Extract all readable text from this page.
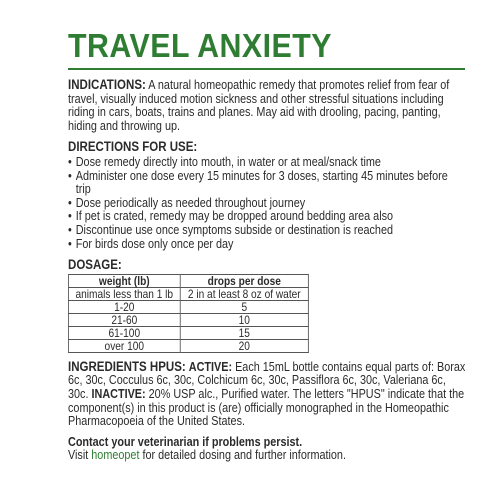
TRAVEL ANXIETY

INDICATIONS: A natural homeopathic remedy that promotes relief from fear of travel, visually induced motion sickness and other stressful situations including riding in cars, boats, trains and planes. May aid with drooling, pacing, panting, hiding and throwing up.

DIRECTIONS FOR USE:

• Dose remedy directly into mouth, in water or at meal/snack time
• Administer one dose every 15 minutes for 3 doses, starting 45 minutes before trip
• Dose periodically as needed throughout journey
• If pet is crated, remedy may be dropped around bedding area also
• Discontinue use once symptoms subside or destination is reached
• For birds dose only once per day

DOSAGE:

weight (lb)	drops per dose
animals less than 1 lb	2 in at least 8 oz of water
1-20	5
21-60	10
61-100	15
over 100	20

INGREDIENTS HPUS: ACTIVE: Each 15mL bottle contains equal parts of: Borax 6c, 30c, Cocculus 6c, 30c, Colchicum 6c, 30c, Passiflora 6c, 30c, Valeriana 6c, 30c. INACTIVE: 20% USP alc., Purified water. The letters "HPUS" indicate that the component(s) in this product is (are) officially monographed in the Homeopathic Pharmacopoeia of the United States.

Contact your veterinarian if problems persist.

Visit homeopet for detailed dosing and further information.
